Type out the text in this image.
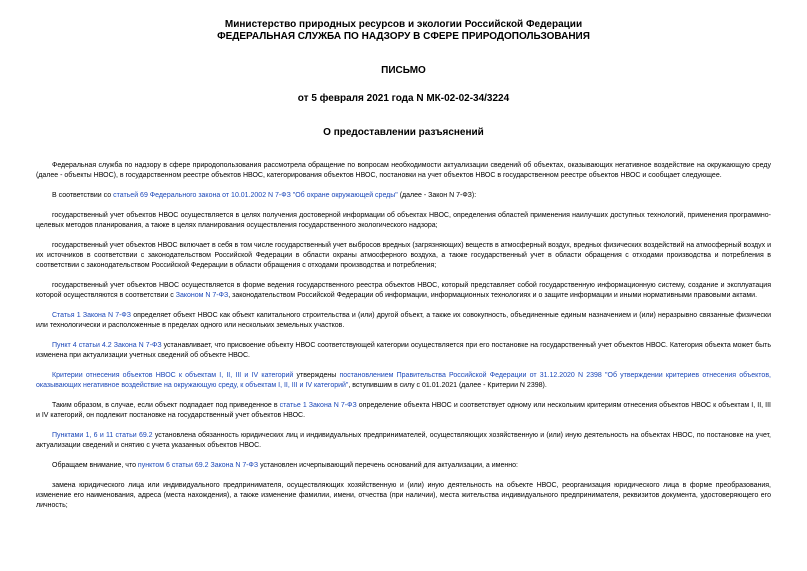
Министерство природных ресурсов и экологии Российской Федерации
ФЕДЕРАЛЬНАЯ СЛУЖБА ПО НАДЗОРУ В СФЕРЕ ПРИРОДОПОЛЬЗОВАНИЯ
ПИСЬМО
от 5 февраля 2021 года N МК-02-02-34/3224
О предоставлении разъяснений

Федеральная служба по надзору в сфере природопользования рассмотрела обращение по вопросам необходимости актуализации сведений об объектах, оказывающих негативное воздействие на окружающую среду (далее - объекты НВОС), в государственном реестре объектов НВОС, категорирования объектов НВОС, постановки на учет объектов НВОС в государственном реестре объектов НВОС и сообщает следующее.

В соответствии со статьей 69 Федерального закона от 10.01.2002 N 7-ФЗ "Об охране окружающей среды" (далее - Закон N 7-ФЗ):

государственный учет объектов НВОС осуществляется в целях получения достоверной информации об объектах НВОС, определения областей применения наилучших доступных технологий, применения программно-целевых методов планирования, а также в целях планирования осуществления государственного экологического надзора;

государственный учет объектов НВОС включает в себя в том числе государственный учет выбросов вредных (загрязняющих) веществ в атмосферный воздух, вредных физических воздействий на атмосферный воздух и их источников в соответствии с законодательством Российской Федерации в области охраны атмосферного воздуха, а также государственный учет в области обращения с отходами производства и потребления в соответствии с законодательством Российской Федерации в области обращения с отходами производства и потребления;

государственный учет объектов НВОС осуществляется в форме ведения государственного реестра объектов НВОС, который представляет собой государственную информационную систему, создание и эксплуатация которой осуществляются в соответствии с Законом N 7-ФЗ, законодательством Российской Федерации об информации, информационных технологиях и о защите информации и иными нормативными правовыми актами.

Статья 1 Закона N 7-ФЗ определяет объект НВОС как объект капитального строительства и (или) другой объект, а также их совокупность, объединенные единым назначением и (или) неразрывно связанные физически или технологически и расположенные в пределах одного или нескольких земельных участков.

Пункт 4 статьи 4.2 Закона N 7-ФЗ устанавливает, что присвоение объекту НВОС соответствующей категории осуществляется при его постановке на государственный учет объектов НВОС. Категория объекта может быть изменена при актуализации учетных сведений об объекте НВОС.

Критерии отнесения объектов НВОС к объектам I, II, III и IV категорий утверждены постановлением Правительства Российской Федерации от 31.12.2020 N 2398 "Об утверждении критериев отнесения объектов, оказывающих негативное воздействие на окружающую среду, к объектам I, II, III и IV категорий", вступившим в силу с 01.01.2021 (далее - Критерии N 2398).

Таким образом, в случае, если объект подпадает под приведенное в статье 1 Закона N 7-ФЗ определение объекта НВОС и соответствует одному или нескольким критериям отнесения объектов НВОС к объектам I, II, III и IV категорий, он подлежит постановке на государственный учет объектов НВОС.

Пунктами 1, 6 и 11 статьи 69.2 установлена обязанность юридических лиц и индивидуальных предпринимателей, осуществляющих хозяйственную и (или) иную деятельность на объектах НВОС, по постановке на учет, актуализации сведений и снятию с учета указанных объектов НВОС.

Обращаем внимание, что пунктом 6 статьи 69.2 Закона N 7-ФЗ установлен исчерпывающий перечень оснований для актуализации, а именно:

замена юридического лица или индивидуального предпринимателя, осуществляющих хозяйственную и (или) иную деятельность на объекте НВОС, реорганизация юридического лица в форме преобразования, изменение его наименования, адреса (места нахождения), а также изменение фамилии, имени, отчества (при наличии), места жительства индивидуального предпринимателя, реквизитов документа, удостоверяющего его личность;
